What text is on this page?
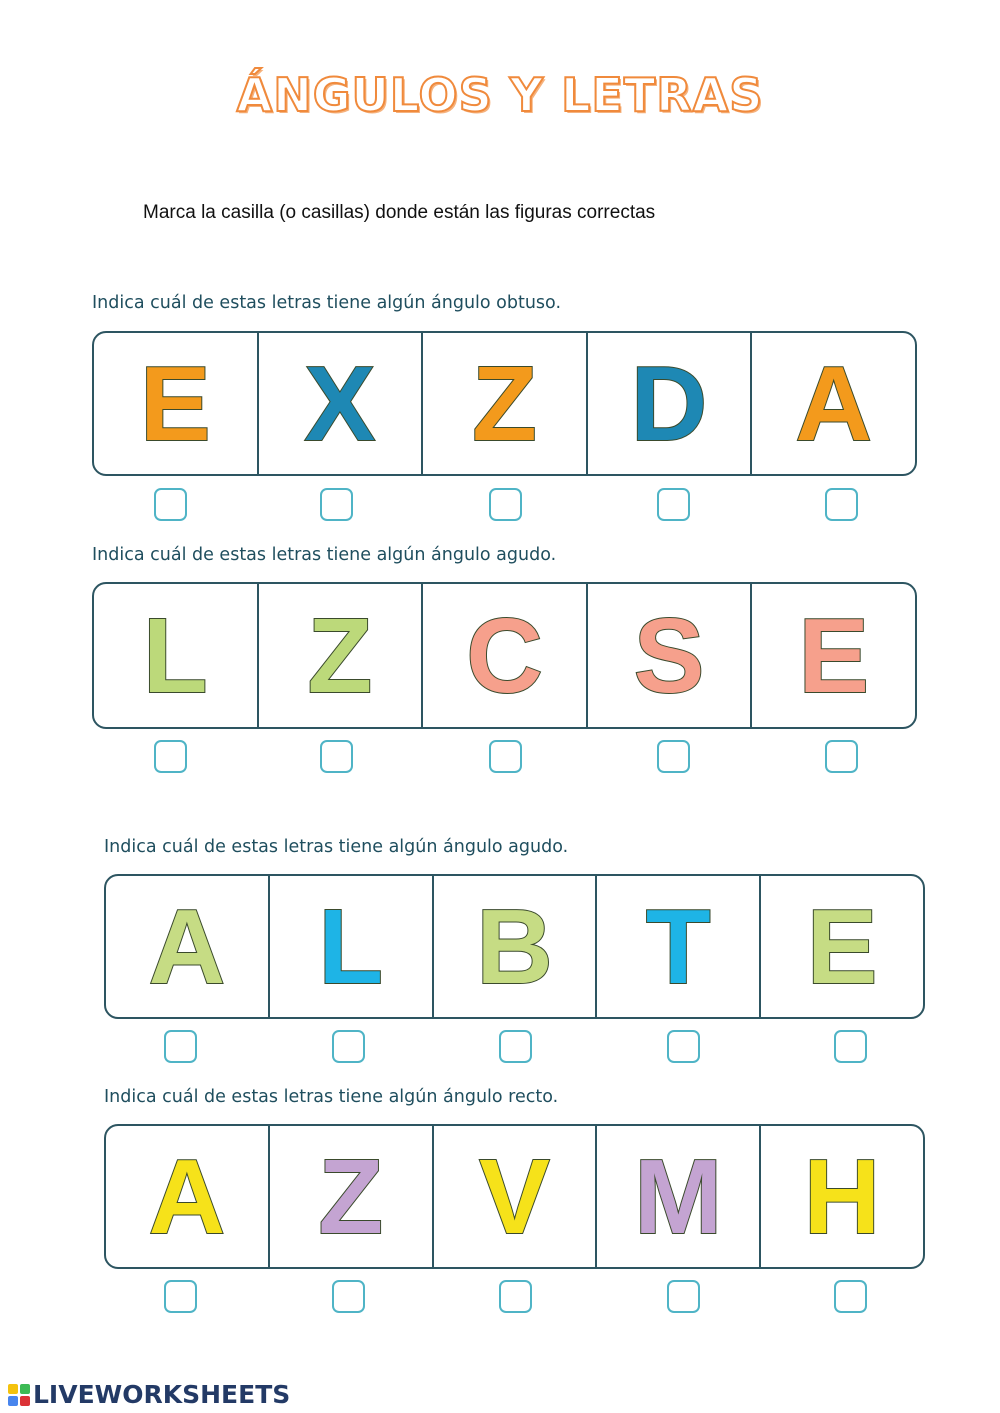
ÁNGULOS Y LETRAS
Marca la casilla (o casillas) donde están las figuras correctas
Indica cuál de estas letras tiene algún ángulo obtuso.
E X Z D A
Indica cuál de estas letras tiene algún ángulo agudo.
L Z C S E
Indica cuál de estas letras tiene algún ángulo agudo.
A L B T E
Indica cuál de estas letras tiene algún ángulo recto.
A Z V M H
LIVEWORKSHEETS
